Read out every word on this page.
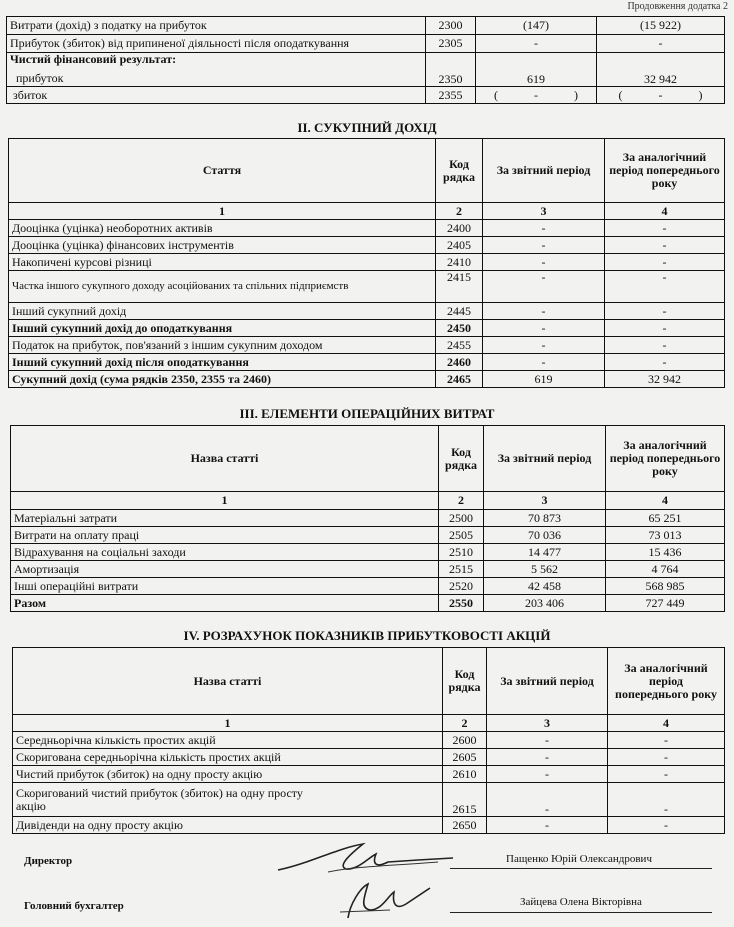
Продовження додатка 2
Витрати (дохід) з податку на прибуток	2300	(147)	(15 922)
Прибуток (збиток) від припиненої діяльності після оподаткування	2305	-	-

Чистий фінансовий результат:
прибуток	2350	619	32 942
збиток	2355	(            -            )	(            -            )
ІІ. СУКУПНИЙ ДОХІД
Стаття	Код рядка	За звітний період	За аналогічний період попереднього року
1	2	3	4
Дооцінка (уцінка) необоротних активів	2400	-	-
Дооцінка (уцінка) фінансових інструментів	2405	-	-
Накопичені курсові різниці	2410	-	-
Частка іншого сукупного доходу асоційованих та спільних підприємств	2415	-	-
Інший сукупний дохід	2445	-	-
Інший сукупний дохід до оподаткування	2450	-	-
Податок на прибуток, пов'язаний з іншим сукупним доходом	2455	-	-
Інший сукупний дохід після оподаткування	2460	-	-
Сукупний дохід (сума рядків 2350, 2355 та 2460)	2465	619	32 942
ІІІ. ЕЛЕМЕНТИ ОПЕРАЦІЙНИХ ВИТРАТ
Назва статті	Код рядка	За звітний період	За аналогічний період попереднього року
1	2	3	4
Матеріальні затрати	2500	70 873	65 251
Витрати на оплату праці	2505	70 036	73 013
Відрахування на соціальні заходи	2510	14 477	15 436
Амортизація	2515	5 562	4 764
Інші операційні витрати	2520	42 458	568 985
Разом	2550	203 406	727 449
IV. РОЗРАХУНОК ПОКАЗНИКІВ ПРИБУТКОВОСТІ АКЦІЙ
Назва статті	Код рядка	За звітний період	За аналогічний період попереднього року
1	2	3	4
Середньорічна кількість простих акцій	2600	-	-
Скоригована середньорічна кількість простих акцій	2605	-	-
Чистий прибуток (збиток) на одну просту акцію	2610	-	-
Скоригований чистий прибуток (збиток) на одну просту акцію	2615	-	-
Дивіденди на одну просту акцію	2650	-	-
Директор	Пащенко Юрій Олександрович
Головний бухгалтер	Зайцева Олена Вікторівна
